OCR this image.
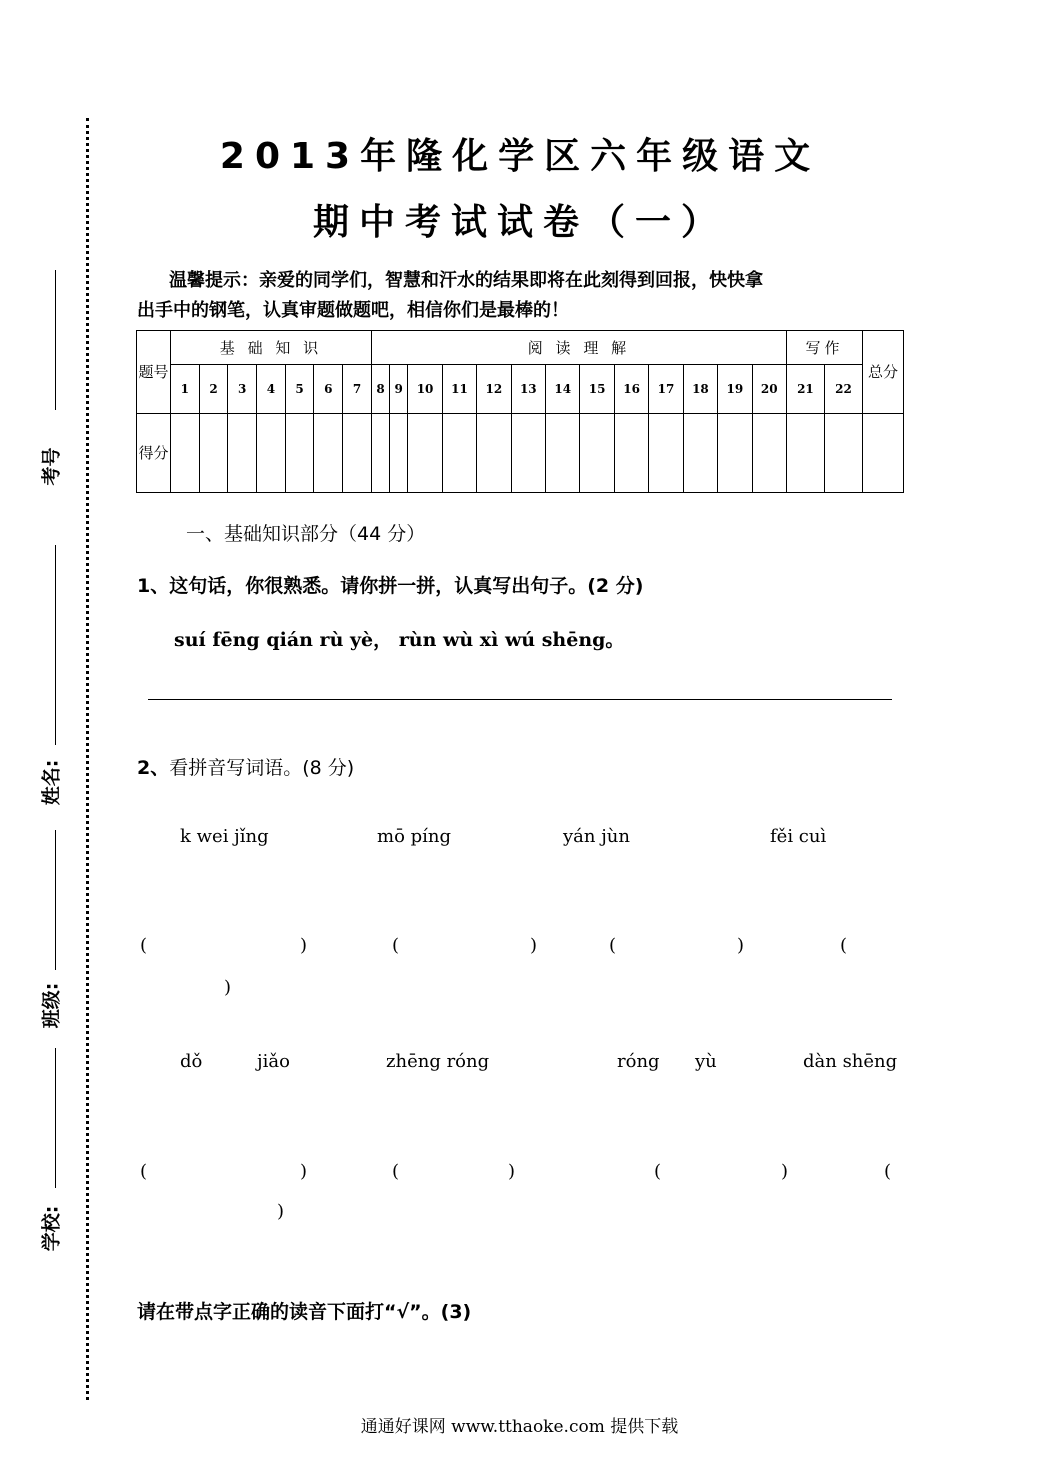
考号
姓名:
班级:
学校:
2013年隆化学区六年级语文
期中考试试卷（一）
温馨提示：亲爱的同学们，智慧和汗水的结果即将在此刻得到回报，快快拿
出手中的钢笔，认真审题做题吧，相信你们是最棒的！
题号	基 础 知 识							阅 读 理 解													写作		总分
	1	2	3	4	5	6	7	8	9	10	11	12	13	14	15	16	17	18	19	20	21	22	
得分																							
一、基础知识部分（44 分）
1、这句话，你很熟悉。请你拼一拼，认真写出句子。(2 分)
suí fēng qián rù yè， rùn wù xì wú shēng。
2、看拼音写词语。(8 分)
k wei jǐng	mō píng	yán jùn	fěi cuì
(	)	(	)	(	)	(
)
dǒ	jiǎo	zhēng róng	róng yù	dàn shēng
(	)	(	)	(	)	(
)
请在带点字正确的读音下面打“√”。(3)
通通好课网 www.tthaoke.com 提供下载
